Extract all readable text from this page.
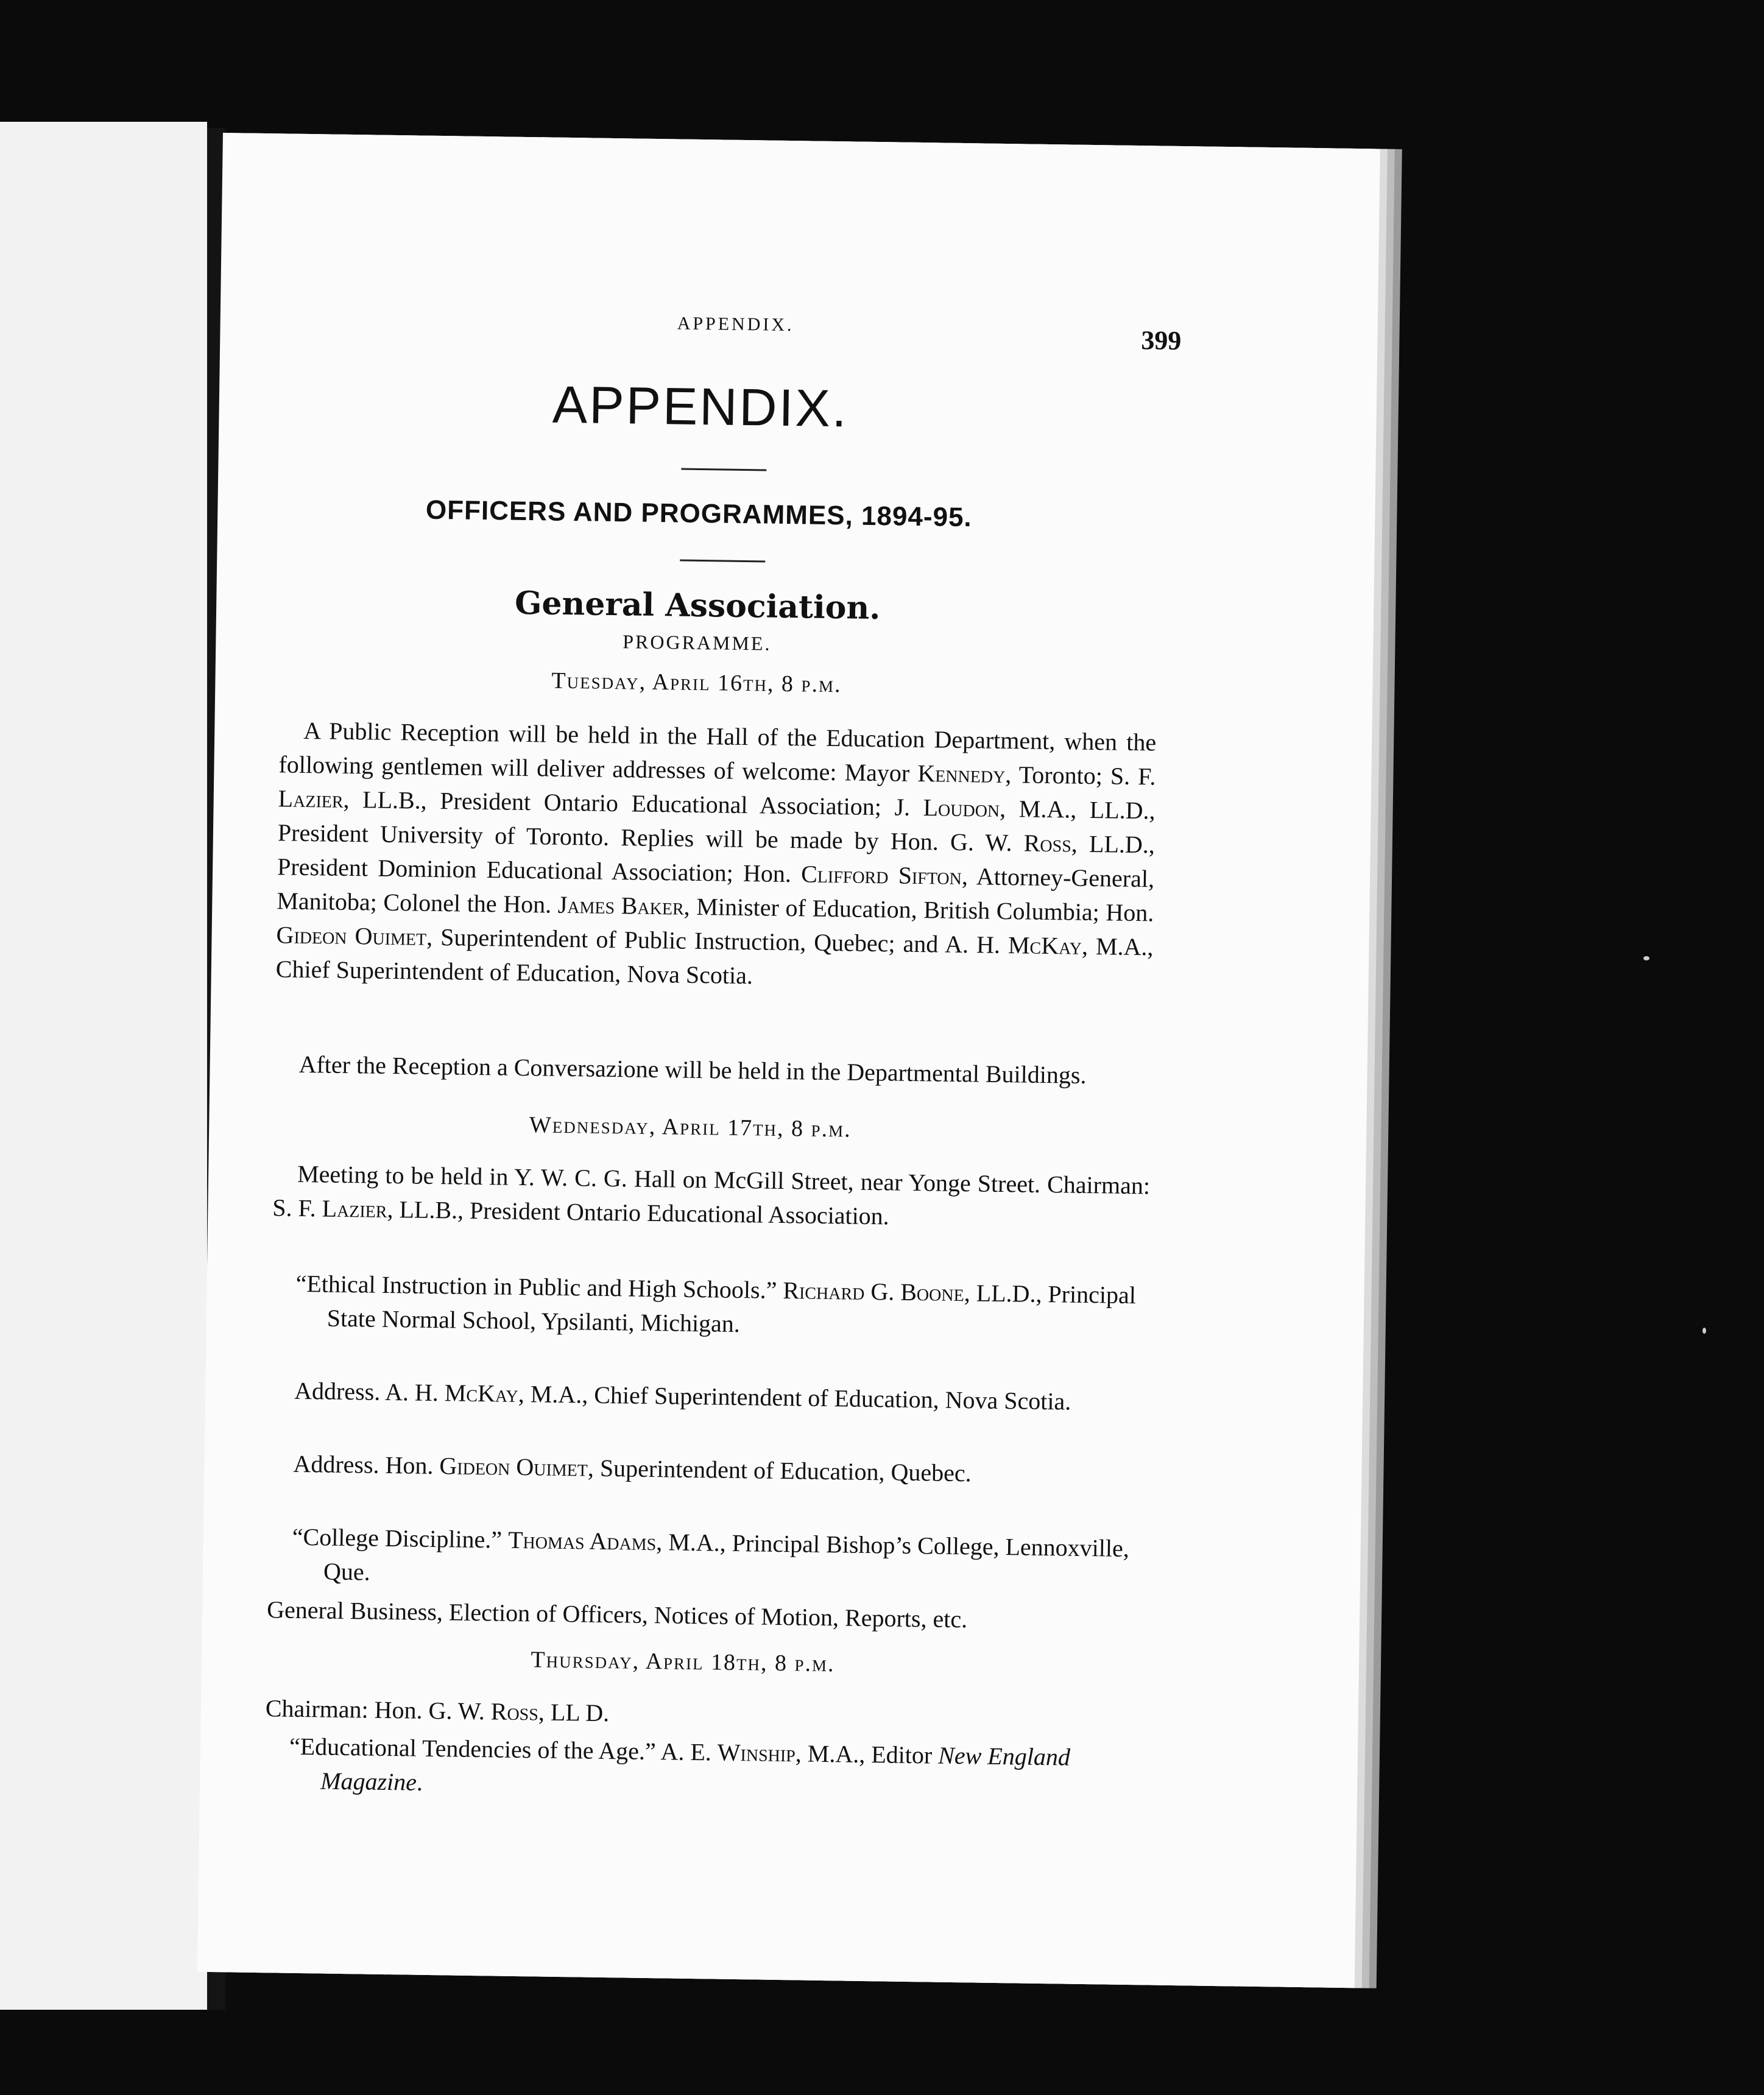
APPENDIX.
399
APPENDIX.
OFFICERS AND PROGRAMMES, 1894-95.
General Association.
PROGRAMME.
Tuesday, April 16th, 8 p.m.

A Public Reception will be held in the Hall of the Education Department, when the following gentlemen will deliver addresses of welcome: Mayor Kennedy, Toronto; S. F. Lazier, LL.B., President Ontario Educational Association; J. Loudon, M.A., LL.D., President University of Toronto. Replies will be made by Hon. G. W. Ross, LL.D., President Dominion Educational Association; Hon. Clifford Sifton, Attorney-General, Manitoba; Colonel the Hon. James Baker, Minister of Education, British Columbia; Hon. Gideon Ouimet, Superintendent of Public Instruction, Quebec; and A. H. McKay, M.A., Chief Superintendent of Education, Nova Scotia.

After the Reception a Conversazione will be held in the Departmental Buildings.

Wednesday, April 17th, 8 p.m.

Meeting to be held in Y. W. C. G. Hall on McGill Street, near Yonge Street. Chairman: S. F. Lazier, LL.B., President Ontario Educational Association.

“Ethical Instruction in Public and High Schools.” Richard G. Boone, LL.D., Principal State Normal School, Ypsilanti, Michigan.

Address. A. H. McKay, M.A., Chief Superintendent of Education, Nova Scotia.

Address. Hon. Gideon Ouimet, Superintendent of Education, Quebec.

“College Discipline.” Thomas Adams, M.A., Principal Bishop’s College, Lennoxville, Que.

General Business, Election of Officers, Notices of Motion, Reports, etc.

Thursday, April 18th, 8 p.m.

Chairman: Hon. G. W. Ross, LL D.

“Educational Tendencies of the Age.” A. E. Winship, M.A., Editor New England Magazine.
